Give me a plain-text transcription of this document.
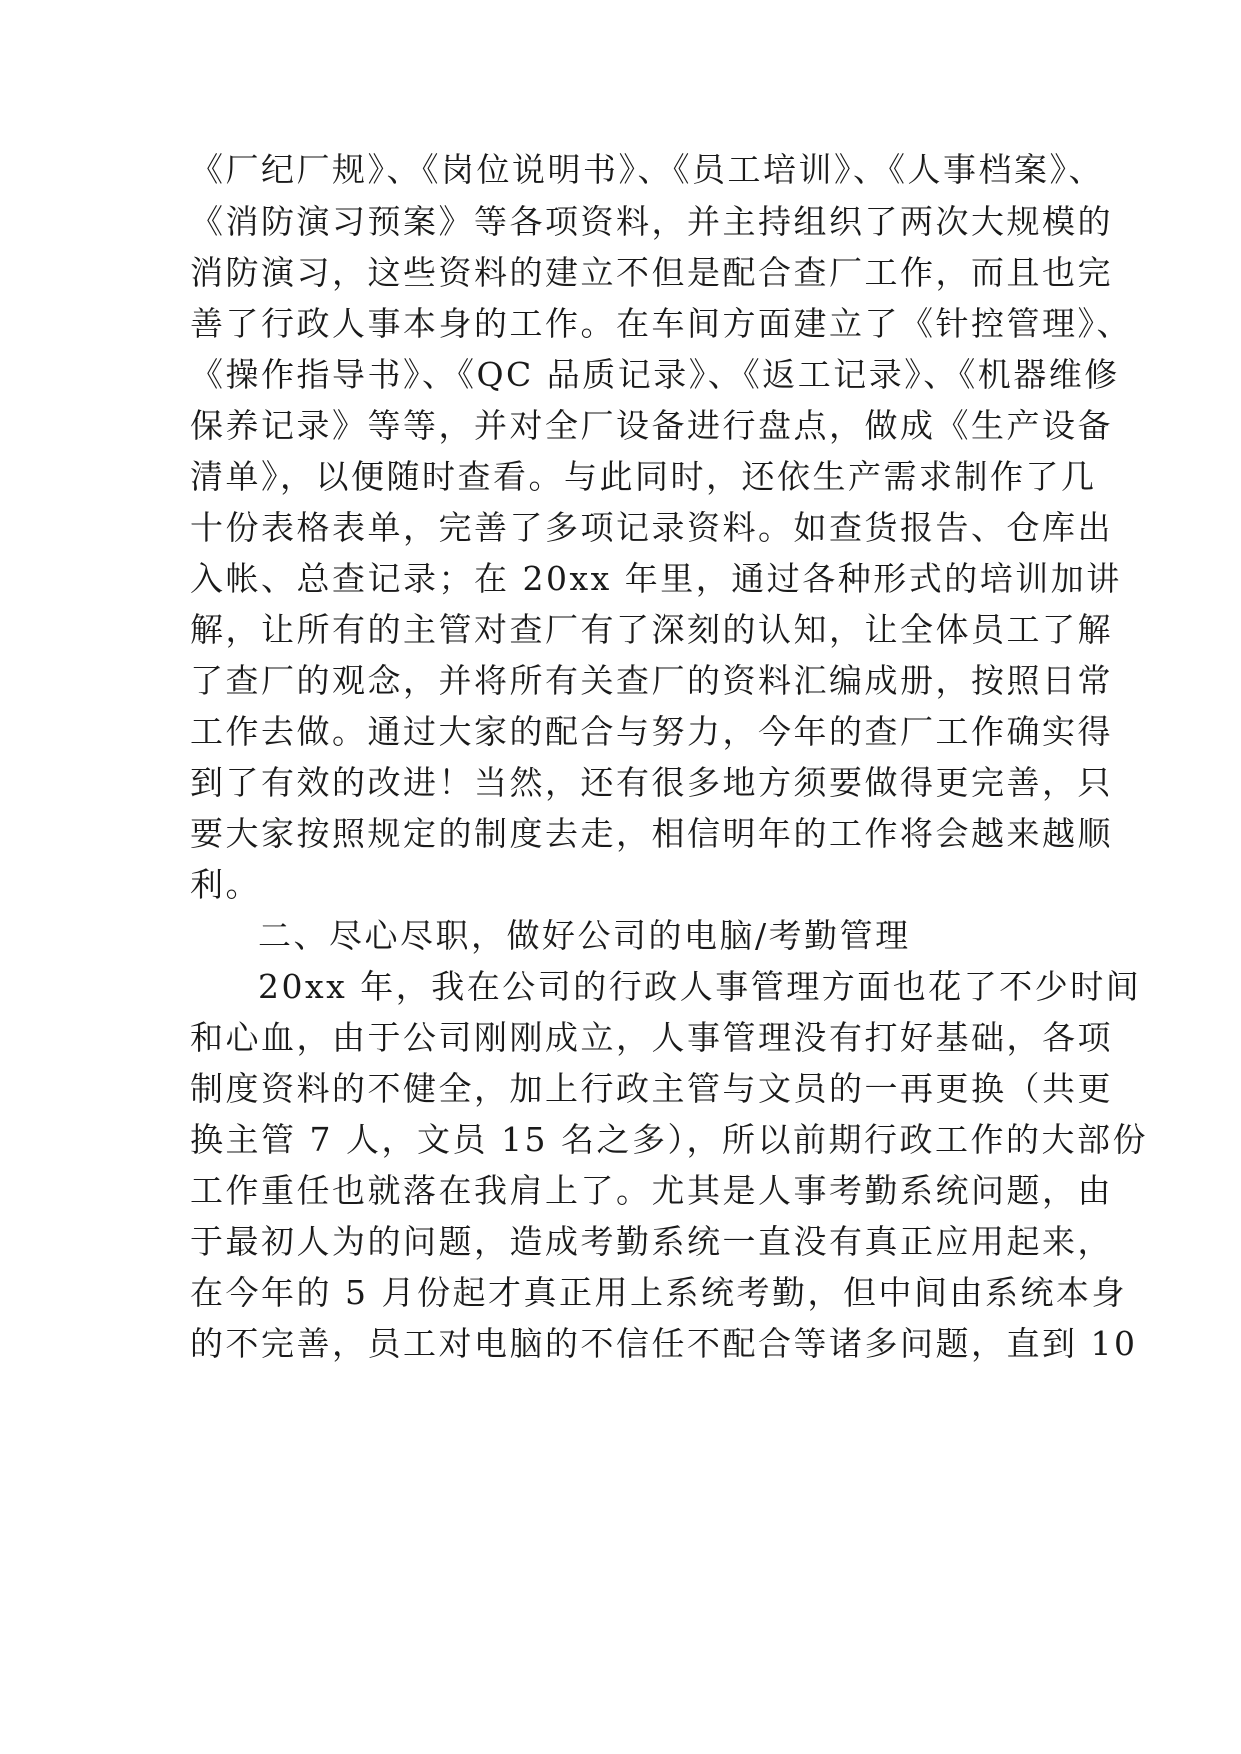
《厂纪厂规》、《岗位说明书》、《员工培训》、《人事档案》、
《消防演习预案》等各项资料，并主持组织了两次大规模的
消防演习，这些资料的建立不但是配合查厂工作，而且也完
善了行政人事本身的工作。在车间方面建立了《针控管理》、
《操作指导书》、《QC 品质记录》、《返工记录》、《机器维修
保养记录》等等，并对全厂设备进行盘点，做成《生产设备
清单》，以便随时查看。与此同时，还依生产需求制作了几
十份表格表单，完善了多项记录资料。如查货报告、仓库出
入帐、总查记录；在 20xx 年里，通过各种形式的培训加讲
解，让所有的主管对查厂有了深刻的认知，让全体员工了解
了查厂的观念，并将所有关查厂的资料汇编成册，按照日常
工作去做。通过大家的配合与努力，今年的查厂工作确实得
到了有效的改进！当然，还有很多地方须要做得更完善，只
要大家按照规定的制度去走，相信明年的工作将会越来越顺
利。
二、尽心尽职，做好公司的电脑/考勤管理
20xx 年，我在公司的行政人事管理方面也花了不少时间
和心血，由于公司刚刚成立，人事管理没有打好基础，各项
制度资料的不健全，加上行政主管与文员的一再更换（共更
换主管 7 人，文员 15 名之多），所以前期行政工作的大部份
工作重任也就落在我肩上了。尤其是人事考勤系统问题，由
于最初人为的问题，造成考勤系统一直没有真正应用起来，
在今年的 5 月份起才真正用上系统考勤，但中间由系统本身
的不完善，员工对电脑的不信任不配合等诸多问题，直到 10
